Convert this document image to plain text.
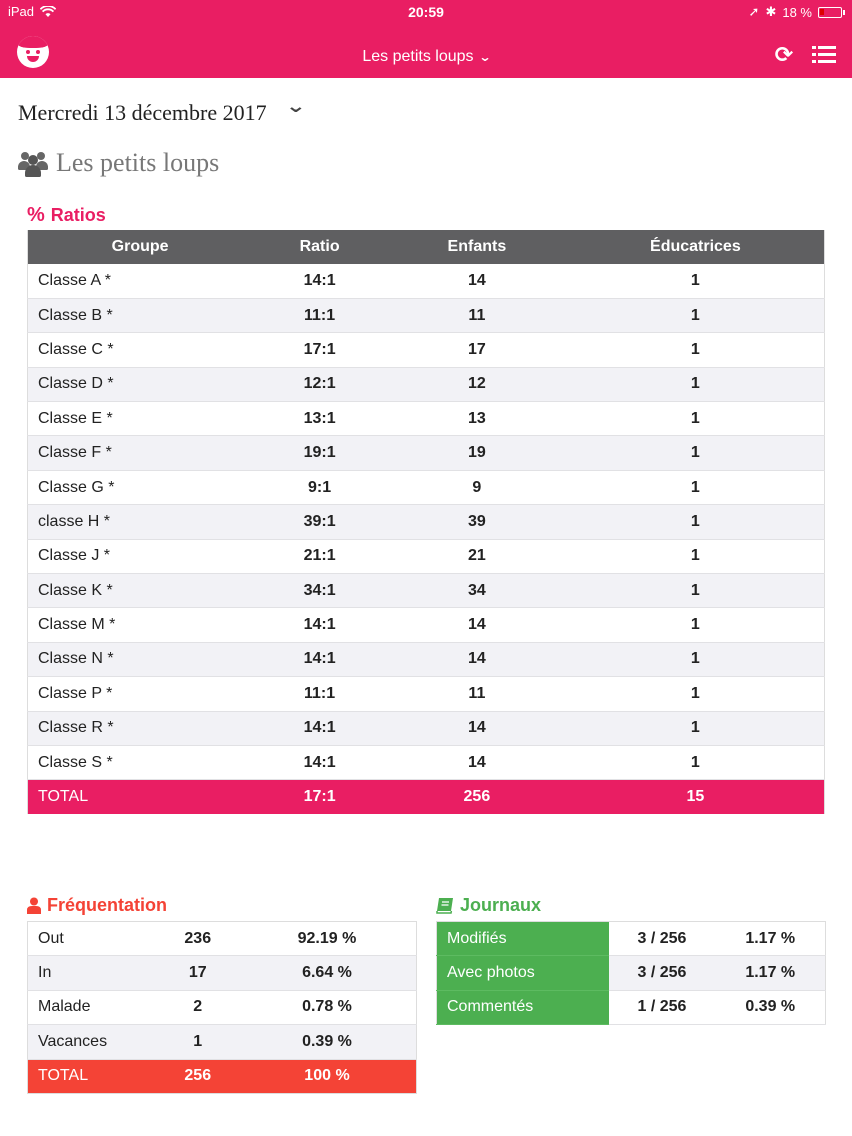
iPad	20:59	➚ ✱ 18 %
Les petits loups ⌄	⟳
Mercredi 13 décembre 2017 ⌄
Les petits loups
% Ratios
Groupe	Ratio	Enfants	Éducatrices
Classe A *	14:1	14	1
Classe B *	11:1	11	1
Classe C *	17:1	17	1
Classe D *	12:1	12	1
Classe E *	13:1	13	1
Classe F *	19:1	19	1
Classe G *	9:1	9	1
classe H *	39:1	39	1
Classe J *	21:1	21	1
Classe K *	34:1	34	1
Classe M *	14:1	14	1
Classe N *	14:1	14	1
Classe P *	11:1	11	1
Classe R *	14:1	14	1
Classe S *	14:1	14	1
TOTAL	17:1	256	15
Fréquentation
Out	236	92.19 %
In	17	6.64 %
Malade	2	0.78 %
Vacances	1	0.39 %
TOTAL	256	100 %
Journaux
Modifiés	3 / 256	1.17 %
Avec photos	3 / 256	1.17 %
Commentés	1 / 256	0.39 %
